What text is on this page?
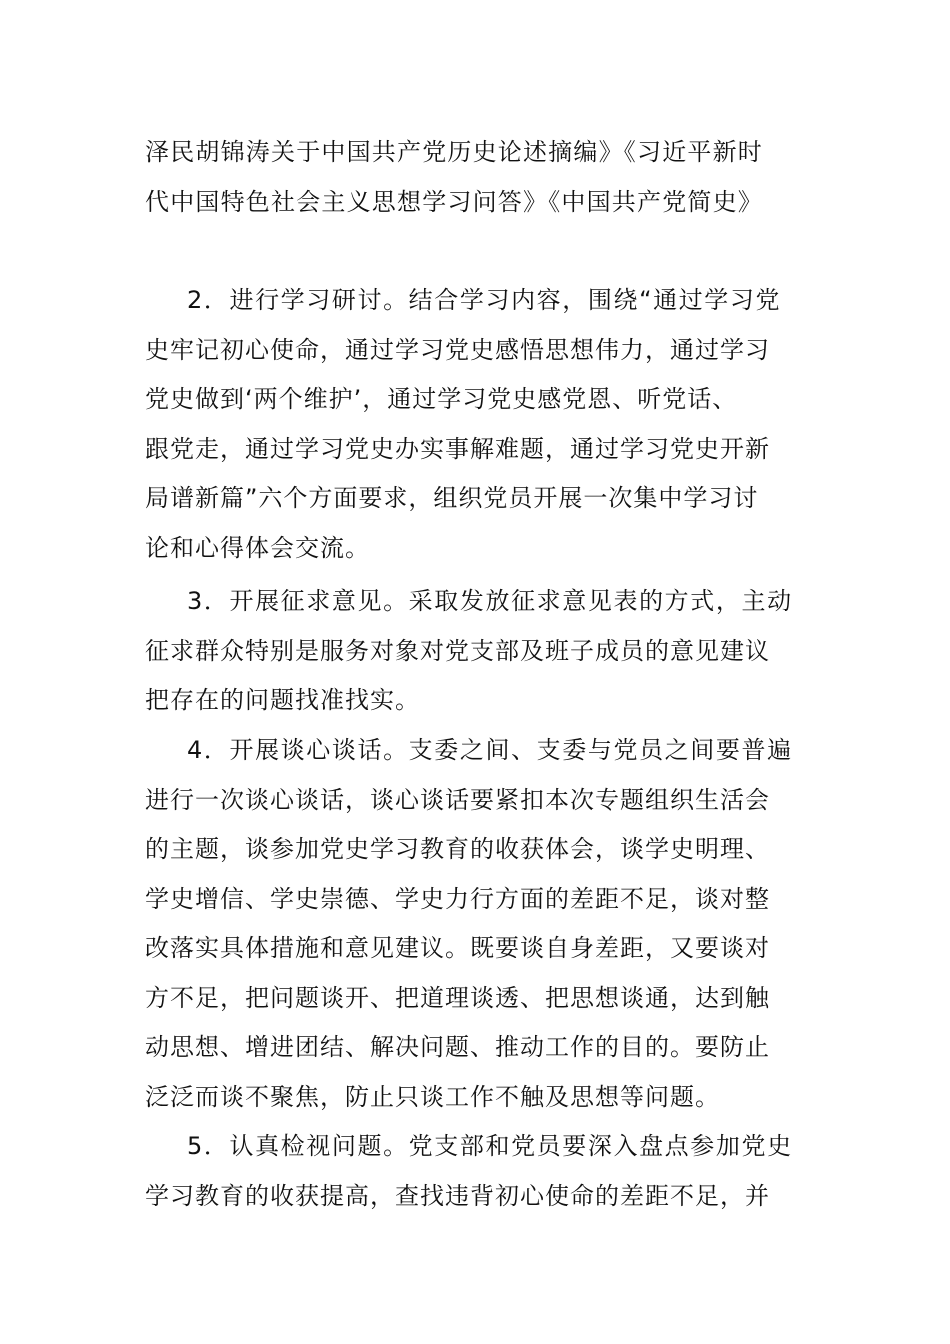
泽民胡锦涛关于中国共产党历史论述摘编》《习近平新时
代中国特色社会主义思想学习问答》《中国共产党简史》
2．进行学习研讨。结合学习内容，围绕“通过学习党
史牢记初心使命，通过学习党史感悟思想伟力，通过学习
党史做到‘两个维护’，通过学习党史感党恩、听党话、
跟党走，通过学习党史办实事解难题，通过学习党史开新
局谱新篇”六个方面要求，组织党员开展一次集中学习讨
论和心得体会交流。
3．开展征求意见。采取发放征求意见表的方式，主动
征求群众特别是服务对象对党支部及班子成员的意见建议
把存在的问题找准找实。
4．开展谈心谈话。支委之间、支委与党员之间要普遍
进行一次谈心谈话，谈心谈话要紧扣本次专题组织生活会
的主题，谈参加党史学习教育的收获体会，谈学史明理、
学史增信、学史崇德、学史力行方面的差距不足，谈对整
改落实具体措施和意见建议。既要谈自身差距，又要谈对
方不足，把问题谈开、把道理谈透、把思想谈通，达到触
动思想、增进团结、解决问题、推动工作的目的。要防止
泛泛而谈不聚焦，防止只谈工作不触及思想等问题。
5．认真检视问题。党支部和党员要深入盘点参加党史
学习教育的收获提高，查找违背初心使命的差距不足，并
